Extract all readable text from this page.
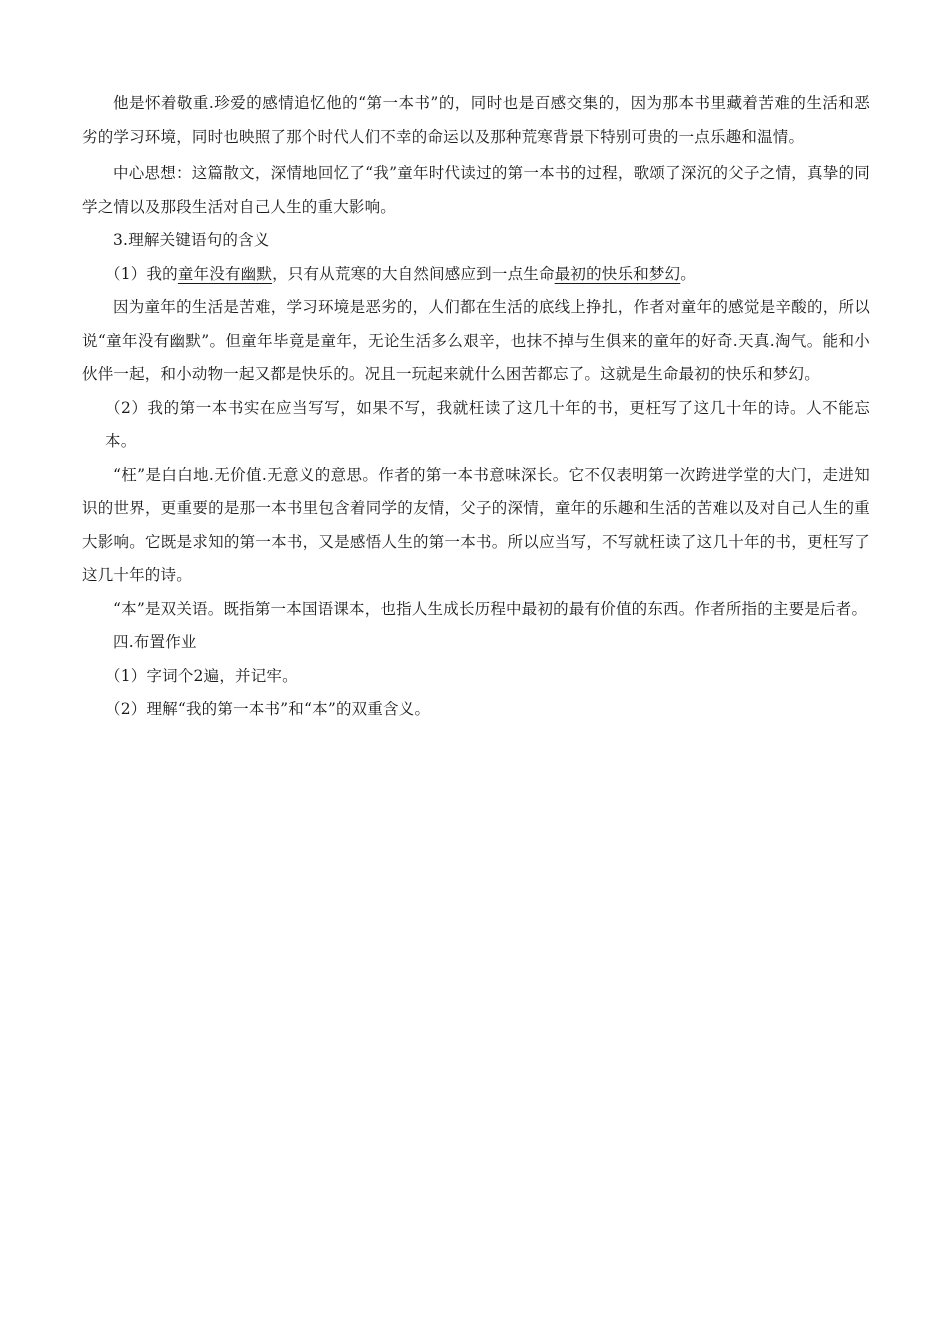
他是怀着敬重.珍爱的感情追忆他的“第一本书”的，同时也是百感交集的，因为那本书里藏着苦难的生活和恶劣的学习环境，同时也映照了那个时代人们不幸的命运以及那种荒寒背景下特别可贵的一点乐趣和温情。

中心思想：这篇散文，深情地回忆了“我”童年时代读过的第一本书的过程，歌颂了深沉的父子之情，真挚的同学之情以及那段生活对自己人生的重大影响。

3.理解关键语句的含义

（1）我的童年没有幽默，只有从荒寒的大自然间感应到一点生命最初的快乐和梦幻。

因为童年的生活是苦难，学习环境是恶劣的，人们都在生活的底线上挣扎，作者对童年的感觉是辛酸的，所以说“童年没有幽默”。但童年毕竟是童年，无论生活多么艰辛，也抹不掉与生俱来的童年的好奇.天真.淘气。能和小伙伴一起，和小动物一起又都是快乐的。况且一玩起来就什么困苦都忘了。这就是生命最初的快乐和梦幻。

（2）我的第一本书实在应当写写，如果不写，我就枉读了这几十年的书，更枉写了这几十年的诗。人不能忘本。

“枉”是白白地.无价值.无意义的意思。作者的第一本书意味深长。它不仅表明第一次跨进学堂的大门，走进知识的世界，更重要的是那一本书里包含着同学的友情，父子的深情，童年的乐趣和生活的苦难以及对自己人生的重大影响。它既是求知的第一本书，又是感悟人生的第一本书。所以应当写，不写就枉读了这几十年的书，更枉写了这几十年的诗。

“本”是双关语。既指第一本国语课本，也指人生成长历程中最初的最有价值的东西。作者所指的主要是后者。

四.布置作业

（1）字词个2遍，并记牢。

（2）理解“我的第一本书”和“本”的双重含义。
